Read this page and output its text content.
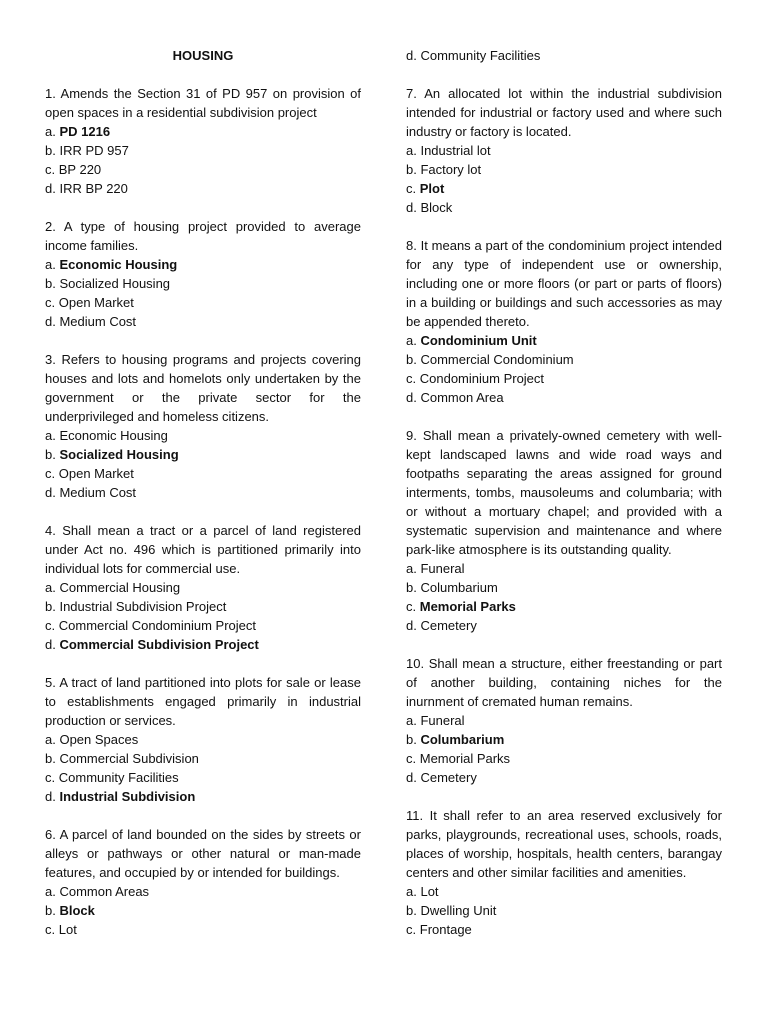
HOUSING

1. Amends the Section 31 of PD 957 on provision of open spaces in a residential subdivision project

a. PD 1216

b. IRR PD 957

c. BP 220

d. IRR BP 220

2. A type of housing project provided to average income families.

a. Economic Housing

b. Socialized Housing

c. Open Market

d. Medium Cost

3. Refers to housing programs and projects covering houses and lots and homelots only undertaken by the government or the private sector for the underprivileged and homeless citizens.

a. Economic Housing

b. Socialized Housing

c. Open Market

d. Medium Cost

4. Shall mean a tract or a parcel of land registered under Act no. 496 which is partitioned primarily into individual lots for commercial use.

a. Commercial Housing

b. Industrial Subdivision Project

c. Commercial Condominium Project

d. Commercial Subdivision Project

5. A tract of land partitioned into plots for sale or lease to establishments engaged primarily in industrial production or services.

a. Open Spaces

b. Commercial Subdivision

c. Community Facilities

d. Industrial Subdivision

6. A parcel of land bounded on the sides by streets or alleys or pathways or other natural or man-made features, and occupied by or intended for buildings.

a. Common Areas

b. Block

c. Lot

d. Community Facilities

7. An allocated lot within the industrial subdivision intended for industrial or factory used and where such industry or factory is located.

a. Industrial lot

b. Factory lot

c. Plot

d. Block

8. It means a part of the condominium project intended for any type of independent use or ownership, including one or more floors (or part or parts of floors) in a building or buildings and such accessories as may be appended thereto.

a. Condominium Unit

b. Commercial Condominium

c. Condominium Project

d. Common Area

9. Shall mean a privately-owned cemetery with well-kept landscaped lawns and wide road ways and footpaths separating the areas assigned for ground interments, tombs, mausoleums and columbaria; with or without a mortuary chapel; and provided with a systematic supervision and maintenance and where park-like atmosphere is its outstanding quality.

a. Funeral

b. Columbarium

c. Memorial Parks

d. Cemetery

10. Shall mean a structure, either freestanding or part of another building, containing niches for the inurnment of cremated human remains.

a. Funeral

b. Columbarium

c. Memorial Parks

d. Cemetery

11. It shall refer to an area reserved exclusively for parks, playgrounds, recreational uses, schools, roads, places of worship, hospitals, health centers, barangay centers and other similar facilities and amenities.

a. Lot

b. Dwelling Unit

c. Frontage
